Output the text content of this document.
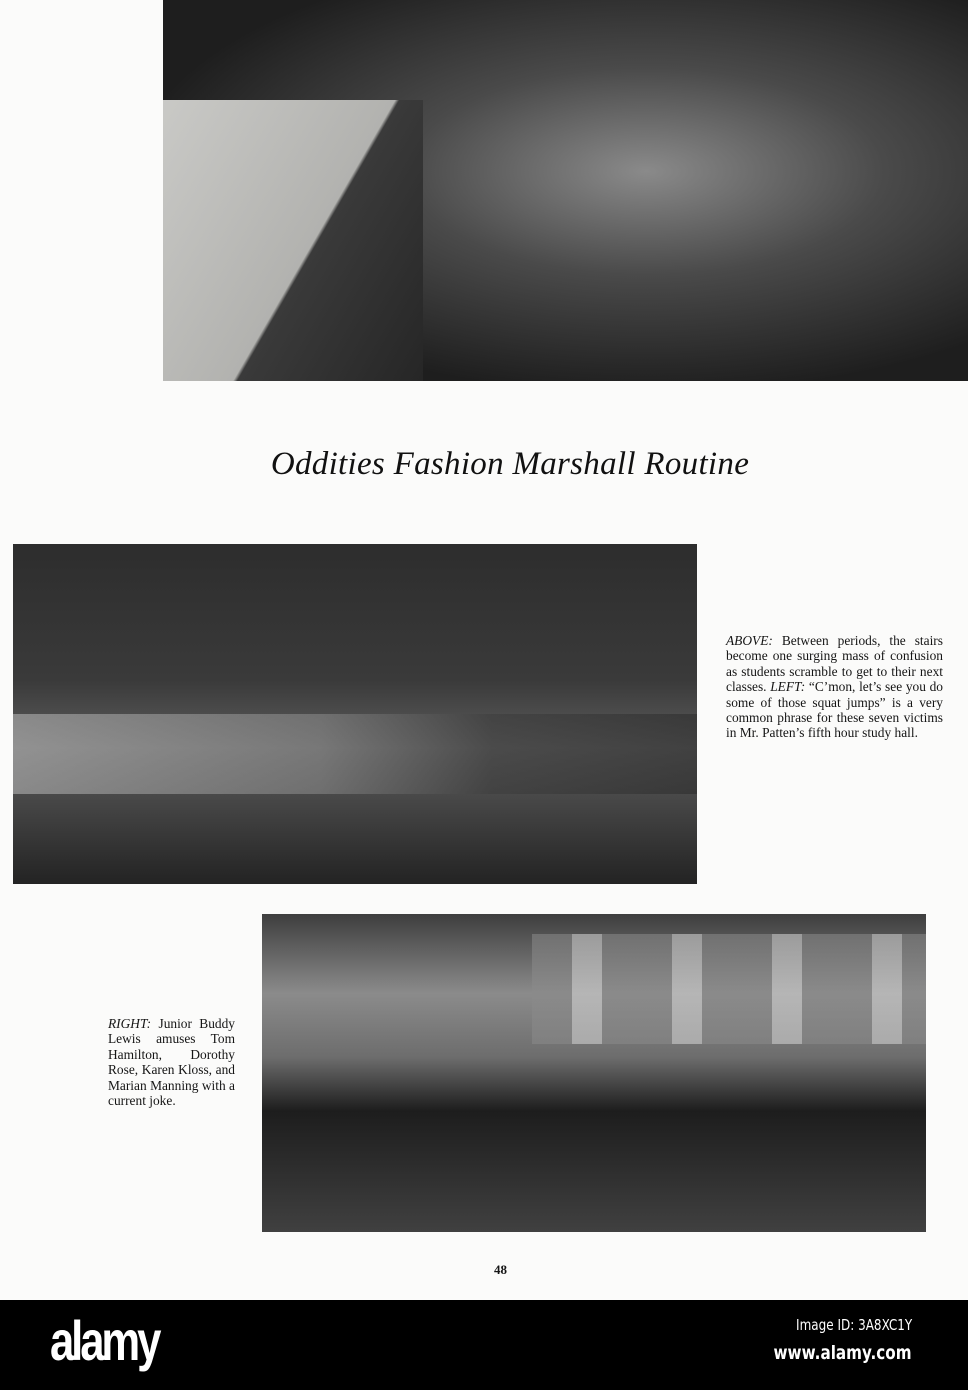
Oddities Fashion Marshall Routine
ABOVE: Between periods, the stairs become one surging mass of confusion as students scramble to get to their next classes. LEFT: “C’mon, let’s see you do some of those squat jumps” is a very common phrase for these seven victims in Mr. Patten’s fifth hour study hall.
RIGHT: Junior Buddy Lewis amuses Tom Hamilton, Dorothy Rose, Karen Kloss, and Marian Manning with a current joke.
48
alamy	Image ID: 3A8XC1Y
www.alamy.com
